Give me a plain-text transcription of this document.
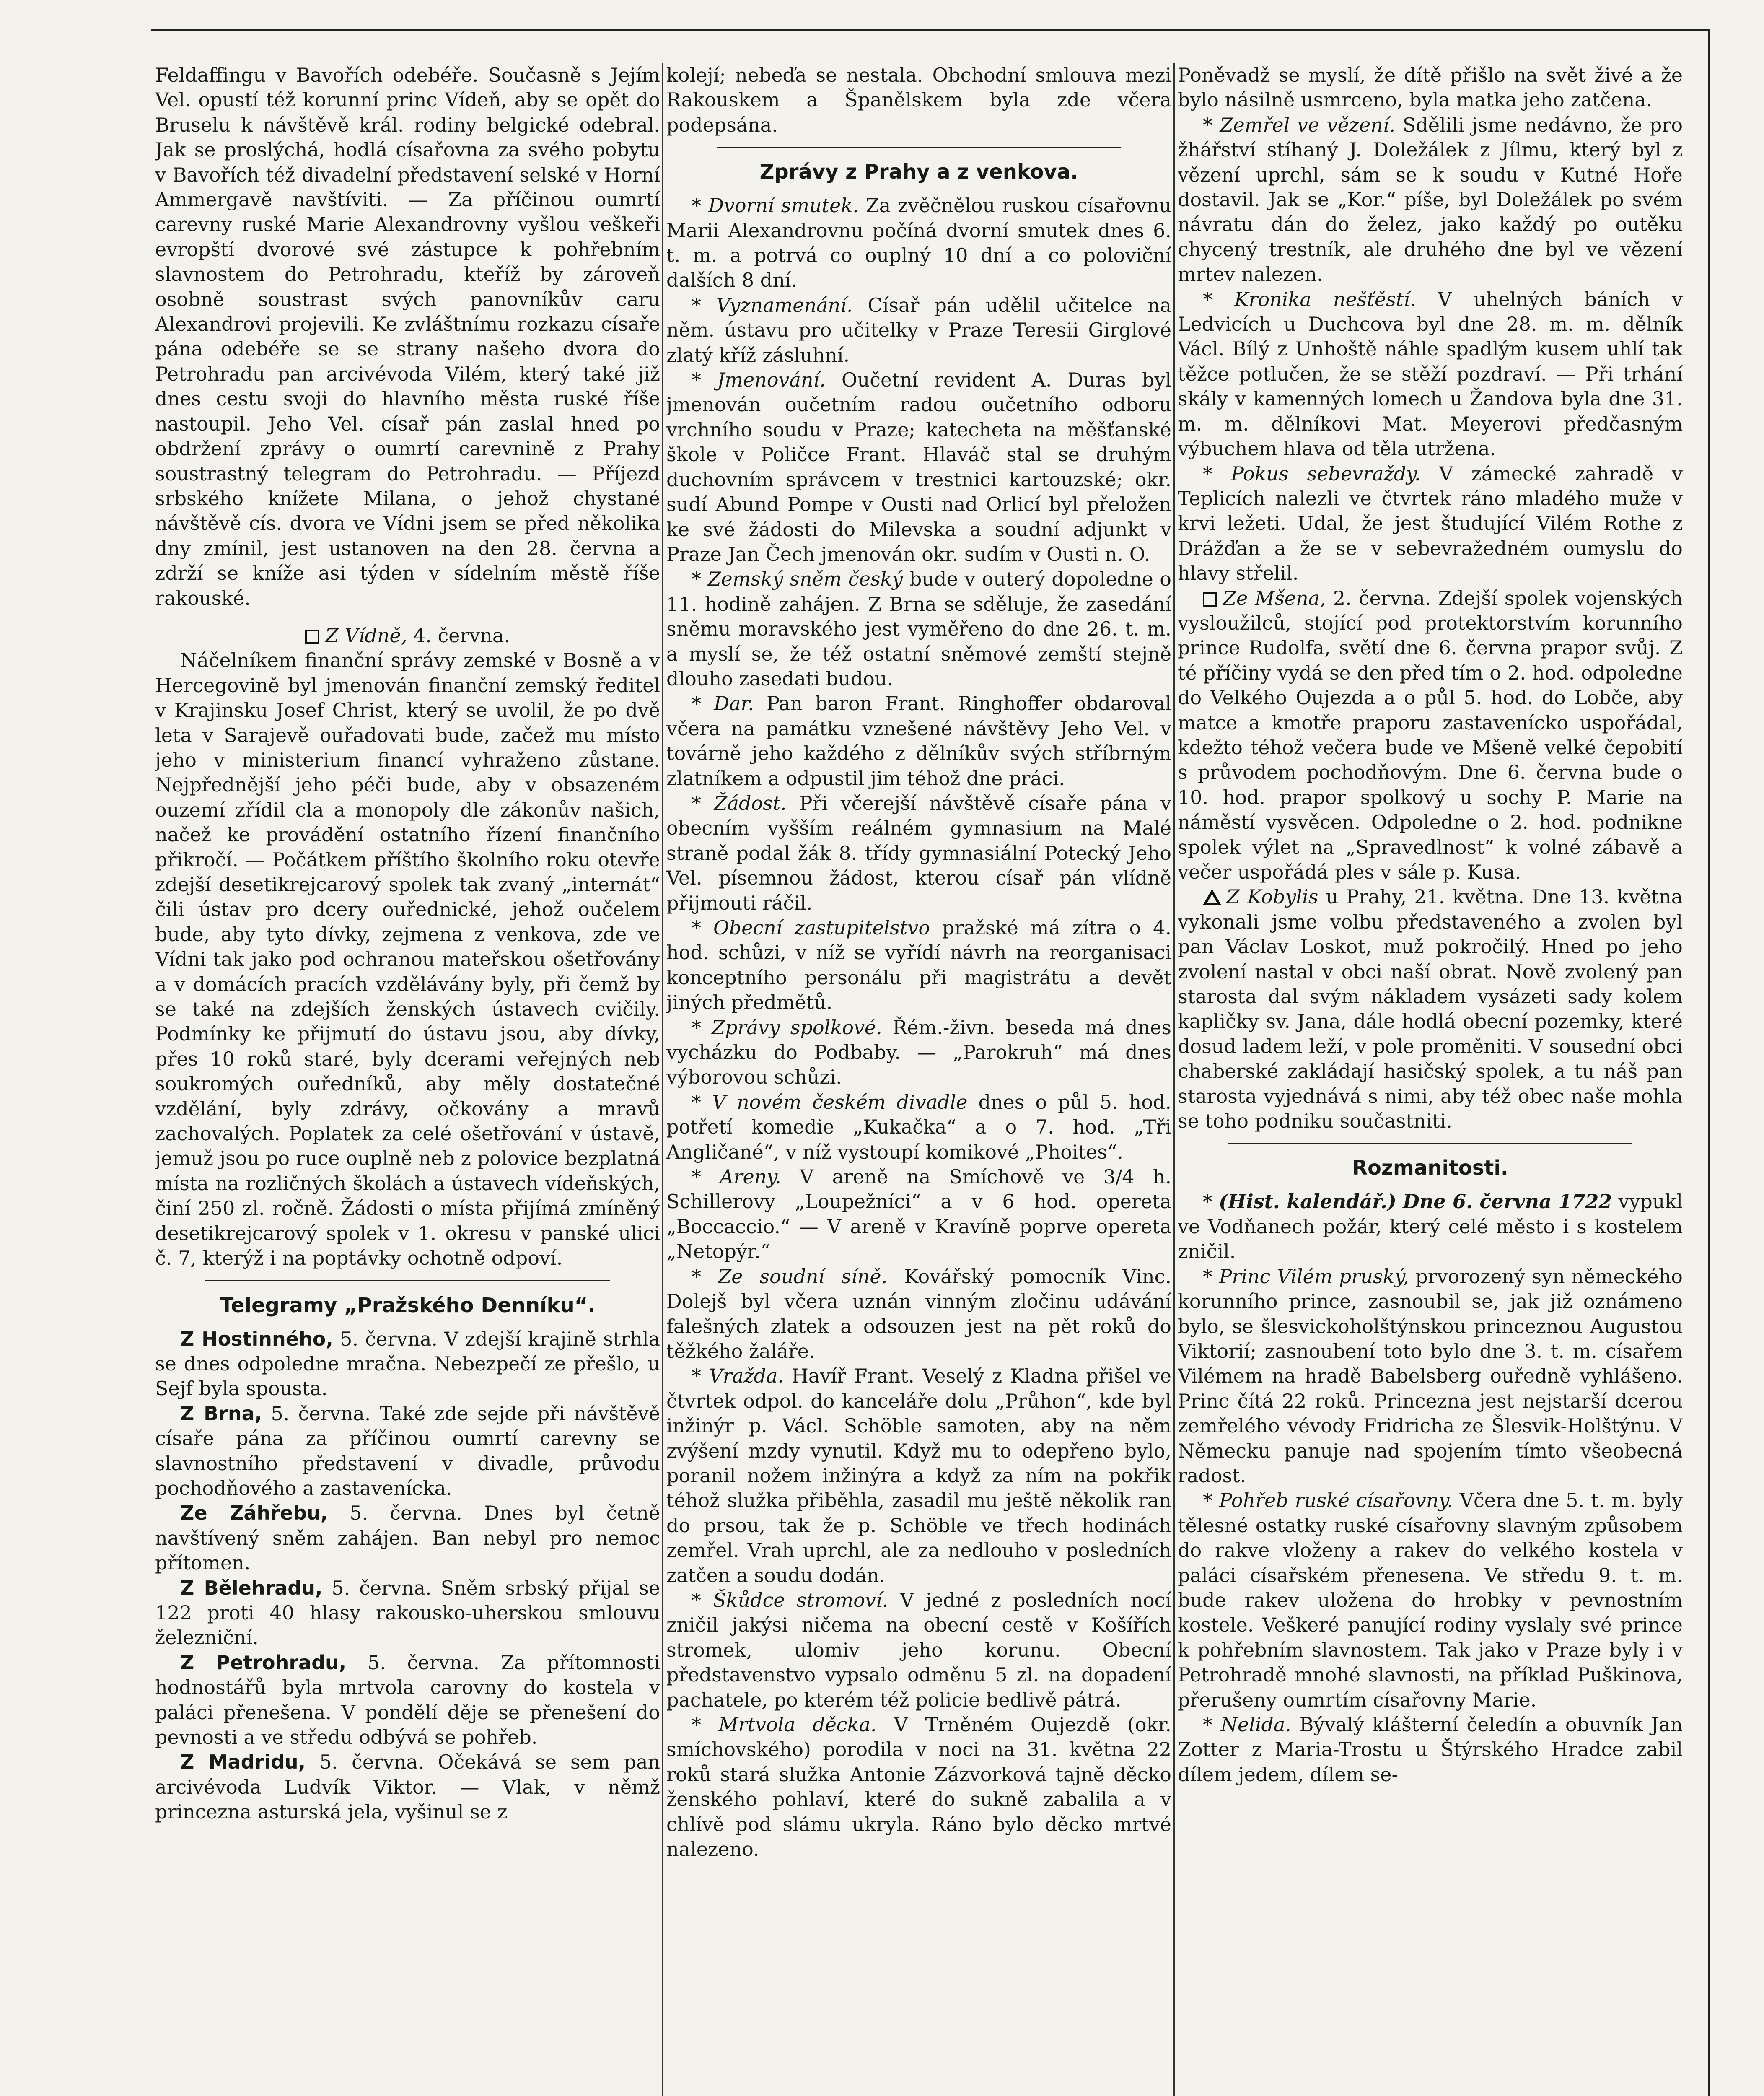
Feldaffingu v Bavořích odebéře. Současně s Jejím Vel. opustí též korunní princ Vídeň, aby se opět do Bruselu k návštěvě král. rodiny belgické odebral. Jak se proslýchá, hodlá císařovna za svého pobytu v Bavořích též divadelní představení selské v Horní Ammergavě navštíviti. — Za příčinou oumrtí carevny ruské Marie Alexandrovny vyšlou veškeři evropští dvorové své zástupce k pohřebním slavnostem do Petrohradu, kteříž by zároveň osobně soustrast svých panovníkův caru Alexandrovi projevili. Ke zvláštnímu rozkazu císaře pána odebéře se se strany našeho dvora do Petrohradu pan arcivévoda Vilém, který také již dnes cestu svoji do hlavního města ruské říše nastoupil. Jeho Vel. císař pán zaslal hned po obdržení zprávy o oumrtí carevnině z Prahy soustrastný telegram do Petrohradu. — Příjezd srbského knížete Milana, o jehož chystané návštěvě cís. dvora ve Vídni jsem se před několika dny zmínil, jest ustanoven na den 28. června a zdrží se kníže asi týden v sídelním městě říše rakouské.

Z Vídně, 4. června.

Náčelníkem finanční správy zemské v Bosně a v Hercegovině byl jmenován finanční zemský ředitel v Krajinsku Josef Christ, který se uvolil, že po dvě leta v Sarajevě ouřadovati bude, začež mu místo jeho v ministerium financí vyhraženo zůstane. Nejpřednější jeho péči bude, aby v obsazeném ouzemí zřídil cla a monopoly dle zákonův našich, načež ke provádění ostatního řízení finančního přikročí. — Počátkem příštího školního roku otevře zdejší desetikrejcarový spolek tak zvaný „internát“ čili ústav pro dcery ouřednické, jehož oučelem bude, aby tyto dívky, zejmena z venkova, zde ve Vídni tak jako pod ochranou mateřskou ošetřovány a v domácích pracích vzdělávány byly, při čemž by se také na zdejších ženských ústavech cvičily. Podmínky ke přijmutí do ústavu jsou, aby dívky, přes 10 roků staré, byly dcerami veřejných neb soukromých ouředníků, aby měly dostatečné vzdělání, byly zdrávy, očkovány a mravů zachovalých. Poplatek za celé ošetřování v ústavě, jemuž jsou po ruce ouplně neb z polovice bezplatná místa na rozličných školách a ústavech vídeňských, činí 250 zl. ročně. Žádosti o místa přijímá zmíněný desetikrejcarový spolek v 1. okresu v panské ulici č. 7, kterýž i na poptávky ochotně odpoví.

Telegramy „Pražského Denníku“.

Z Hostinného, 5. června. V zdejší krajině strhla se dnes odpoledne mračna. Nebezpečí ze přešlo, u Sejf byla spousta.

Z Brna, 5. června. Také zde sejde při návštěvě císaře pána za příčinou oumrtí carevny se slavnostního představení v divadle, průvodu pochodňového a zastavenícka.

Ze Záhřebu, 5. června. Dnes byl četně navštívený sněm zahájen. Ban nebyl pro nemoc přítomen.

Z Bělehradu, 5. června. Sněm srbský přijal se 122 proti 40 hlasy rakousko-uherskou smlouvu železniční.

Z Petrohradu, 5. června. Za přítomnosti hodnostářů byla mrtvola carovny do kostela v paláci přenešena. V pondělí děje se přenešení do pevnosti a ve středu odbývá se pohřeb.

Z Madridu, 5. června. Očekává se sem pan arcivévoda Ludvík Viktor. — Vlak, v němž princezna asturská jela, vyšinul se z

kolejí; nebeďa se nestala. Obchodní smlouva mezi Rakouskem a Španělskem byla zde včera podepsána.

Zprávy z Prahy a z venkova.

* Dvorní smutek. Za zvěčnělou ruskou císařovnu Marii Alexandrovnu počíná dvorní smutek dnes 6. t. m. a potrvá co ouplný 10 dní a co poloviční dalších 8 dní.

* Vyznamenání. Císař pán udělil učitelce na něm. ústavu pro učitelky v Praze Teresii Girglové zlatý kříž zásluhní.

* Jmenování. Oučetní revident A. Duras byl jmenován oučetním radou oučetního odboru vrchního soudu v Praze; katecheta na měšťanské škole v Poličce Frant. Hlaváč stal se druhým duchovním správcem v trestnici kartouzské; okr. sudí Abund Pompe v Ousti nad Orlicí byl přeložen ke své žádosti do Milevska a soudní adjunkt v Praze Jan Čech jmenován okr. sudím v Ousti n. O.

* Zemský sněm český bude v outerý dopoledne o 11. hodině zahájen. Z Brna se sděluje, že zasedání sněmu moravského jest vyměřeno do dne 26. t. m. a myslí se, že též ostatní sněmové zemští stejně dlouho zasedati budou.

* Dar. Pan baron Frant. Ringhoffer obdaroval včera na památku vznešené návštěvy Jeho Vel. v továrně jeho každého z dělníkův svých stříbrným zlatníkem a odpustil jim téhož dne práci.

* Žádost. Při včerejší návštěvě císaře pána v obecním vyšším reálném gymnasium na Malé straně podal žák 8. třídy gymnasiální Potecký Jeho Vel. písemnou žádost, kterou císař pán vlídně přijmouti ráčil.

* Obecní zastupitelstvo pražské má zítra o 4. hod. schůzi, v níž se vyřídí návrh na reorganisaci konceptního personálu při magistrátu a devět jiných předmětů.

* Zprávy spolkové. Řém.-živn. beseda má dnes vycházku do Podbaby. — „Parokruh“ má dnes výborovou schůzi.

* V novém českém divadle dnes o půl 5. hod. potřetí komedie „Kukačka“ a o 7. hod. „Tři Angličané“, v níž vystoupí komikové „Phoites“.

* Areny. V areně na Smíchově ve 3/4 h. Schillerovy „Loupežníci“ a v 6 hod. opereta „Boccaccio.“ — V areně v Kravíně poprve opereta „Netopýr.“

* Ze soudní síně. Kovářský pomocník Vinc. Dolejš byl včera uznán vinným zločinu udávání falešných zlatek a odsouzen jest na pět roků do těžkého žaláře.

* Vražda. Havíř Frant. Veselý z Kladna přišel ve čtvrtek odpol. do kanceláře dolu „Průhon“, kde byl inžinýr p. Václ. Schöble samoten, aby na něm zvýšení mzdy vynutil. Když mu to odepřeno bylo, poranil nožem inžinýra a když za ním na pokřik téhož služka přiběhla, zasadil mu ještě několik ran do prsou, tak že p. Schöble ve třech hodinách zemřel. Vrah uprchl, ale za nedlouho v posledních zatčen a soudu dodán.

* Škůdce stromoví. V jedné z posledních nocí zničil jakýsi ničema na obecní cestě v Košířích stromek, ulomiv jeho korunu. Obecní představenstvo vypsalo odměnu 5 zl. na dopadení pachatele, po kterém též policie bedlivě pátrá.

* Mrtvola děcka. V Trněném Oujezdě (okr. smíchovského) porodila v noci na 31. května 22 roků stará služka Antonie Zázvorková tajně děcko ženského pohlaví, které do sukně zabalila a v chlívě pod slámu ukryla. Ráno bylo děcko mrtvé nalezeno.

Poněvadž se myslí, že dítě přišlo na svět živé a že bylo násilně usmrceno, byla matka jeho zatčena.

* Zemřel ve vězení. Sdělili jsme nedávno, že pro žhářství stíhaný J. Doležálek z Jílmu, který byl z vězení uprchl, sám se k soudu v Kutné Hoře dostavil. Jak se „Kor.“ píše, byl Doležálek po svém návratu dán do želez, jako každý po outěku chycený trestník, ale druhého dne byl ve vězení mrtev nalezen.

* Kronika nešťěstí. V uhelných báních v Ledvicích u Duchcova byl dne 28. m. m. dělník Václ. Bílý z Unhoště náhle spadlým kusem uhlí tak těžce potlučen, že se stěží pozdraví. — Při trhání skály v kamenných lomech u Žandova byla dne 31. m. m. dělníkovi Mat. Meyerovi předčasným výbuchem hlava od těla utržena.

* Pokus sebevraždy. V zámecké zahradě v Teplicích nalezli ve čtvrtek ráno mladého muže v krvi ležeti. Udal, že jest študující Vilém Rothe z Drážďan a že se v sebevražedném oumyslu do hlavy střelil.

Ze Mšena, 2. června. Zdejší spolek vojenských vysloužilců, stojící pod protektorstvím korunního prince Rudolfa, světí dne 6. června prapor svůj. Z té příčiny vydá se den před tím o 2. hod. odpoledne do Velkého Oujezda a o půl 5. hod. do Lobče, aby matce a kmotře praporu zastavenícko uspořádal, kdežto téhož večera bude ve Mšeně velké čepobití s průvodem pochodňovým. Dne 6. června bude o 10. hod. prapor spolkový u sochy P. Marie na náměstí vysvěcen. Odpoledne o 2. hod. podnikne spolek výlet na „Spravedlnost“ k volné zábavě a večer uspořádá ples v sále p. Kusa.

Z Kobylis u Prahy, 21. května. Dne 13. května vykonali jsme volbu představeného a zvolen byl pan Václav Loskot, muž pokročilý. Hned po jeho zvolení nastal v obci naší obrat. Nově zvolený pan starosta dal svým nákladem vysázeti sady kolem kapličky sv. Jana, dále hodlá obecní pozemky, které dosud ladem leží, v pole proměniti. V sousední obci chaberské zakládají hasičský spolek, a tu náš pan starosta vyjednává s nimi, aby též obec naše mohla se toho podniku součastniti.

Rozmanitosti.

* (Hist. kalendář.) Dne 6. června 1722 vypukl ve Vodňanech požár, který celé město i s kostelem zničil.

* Princ Vilém pruský, prvorozený syn německého korunního prince, zasnoubil se, jak již oznámeno bylo, se šlesvickoholštýnskou princeznou Augustou Viktorií; zasnoubení toto bylo dne 3. t. m. císařem Vilémem na hradě Babelsberg ouředně vyhlášeno. Princ čítá 22 roků. Princezna jest nejstarší dcerou zemřelého vévody Fridricha ze Šlesvik-Holštýnu. V Německu panuje nad spojením tímto všeobecná radost.

* Pohřeb ruské císařovny. Včera dne 5. t. m. byly tělesné ostatky ruské císařovny slavným způsobem do rakve vloženy a rakev do velkého kostela v paláci císařském přenesena. Ve středu 9. t. m. bude rakev uložena do hrobky v pevnostním kostele. Veškeré panující rodiny vyslaly své prince k pohřebním slavnostem. Tak jako v Praze byly i v Petrohradě mnohé slavnosti, na příklad Puškinova, přerušeny oumrtím císařovny Marie.

* Nelida. Bývalý klášterní čeledín a obuvník Jan Zotter z Maria-Trostu u Štýrského Hradce zabil dílem jedem, dílem se-
